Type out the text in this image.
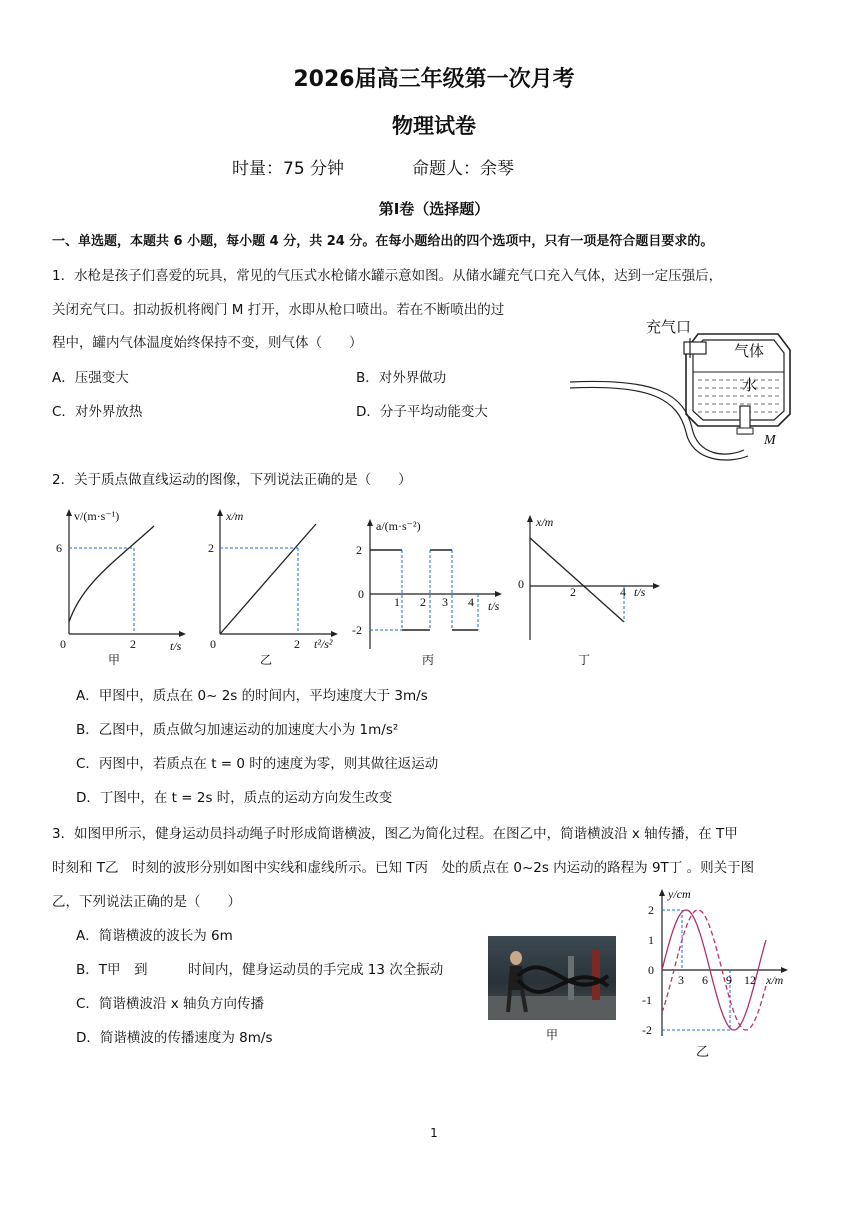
2026届高三年级第一次月考
物理试卷
时量：75 分钟	命题人：余琴
第Ⅰ卷（选择题）
一、单选题，本题共 6 小题，每小题 4 分，共 24 分。在每小题给出的四个选项中，只有一项是符合题目要求的。
1．水枪是孩子们喜爱的玩具，常见的气压式水枪储水罐示意如图。从储水罐充气口充入气体，达到一定压强后，
关闭充气口。扣动扳机将阀门 M 打开，水即从枪口喷出。若在不断喷出的过
程中，罐内气体温度始终保持不变，则气体（　　）
A．压强变大	B．对外界做功
C．对外界放热	D．分子平均动能变大
充气口
气体
水
M
2．关于质点做直线运动的图像，下列说法正确的是（　　）
v/(m·s⁻¹)
6
0	2	t/s
甲
x/m
2
0	2 t²/s²
乙
a/(m·s⁻²)
2
0
-2
1 2 3 4 t/s
丙
x/m
0
2	4 t/s
丁
A．甲图中，质点在 0~ 2s 的时间内，平均速度大于 3m/s
B．乙图中，质点做匀加速运动的加速度大小为 1m/s²
C．丙图中，若质点在 t = 0 时的速度为零，则其做往返运动
D．丁图中，在 t = 2s 时，质点的运动方向发生改变
3．如图甲所示，健身运动员抖动绳子时形成简谐横波，图乙为简化过程。在图乙中，简谐横波沿 x 轴传播，在 T甲
时刻和 T乙　时刻的波形分别如图中实线和虚线所示。已知 T丙　处的质点在 0~2s 内运动的路程为 9T丁 。则关于图
乙，下列说法正确的是（　　）
A．简谐横波的波长为 6m
B．T甲　到　　　时间内，健身运动员的手完成 13 次全振动
C．简谐横波沿 x 轴负方向传播
D．简谐横波的传播速度为 8m/s	甲
y/cm
2
1
0
-1
-2
3 6 9 12 x/m
乙
1
